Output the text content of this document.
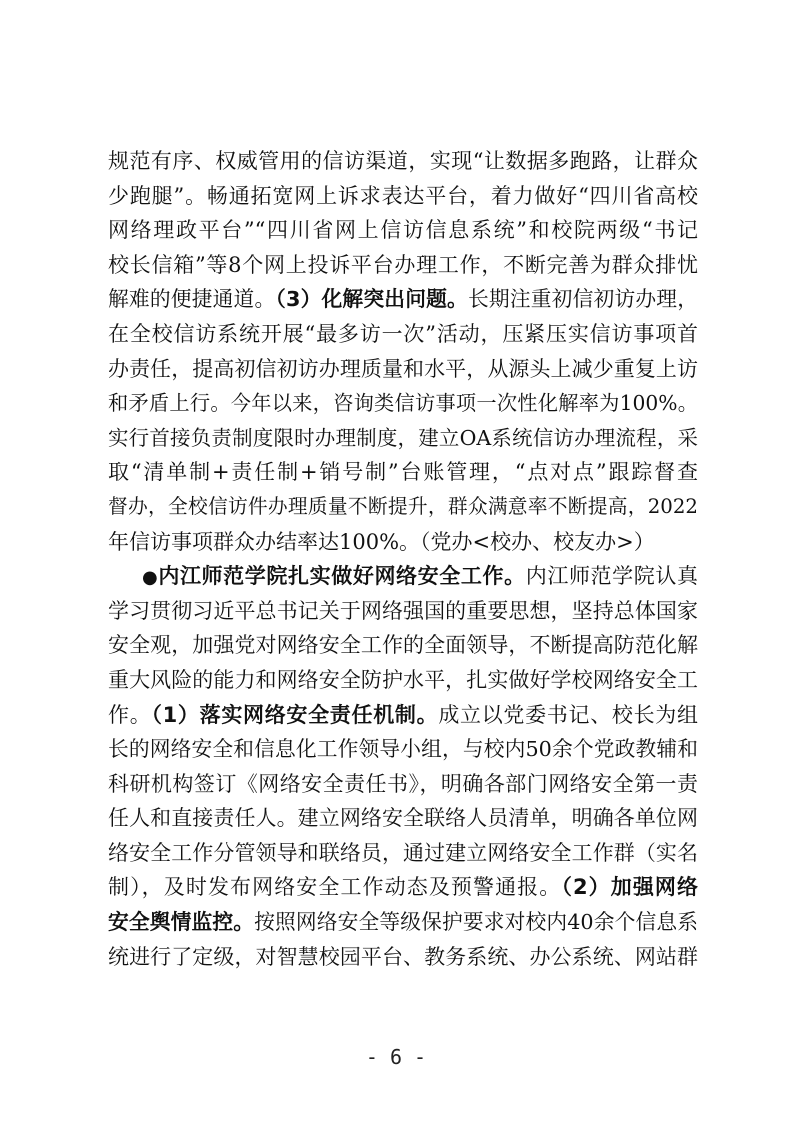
规范有序、权威管用的信访渠道，实现“让数据多跑路，让群众
少跑腿”。畅通拓宽网上诉求表达平台，着力做好“四川省高校
网络理政平台”“四川省网上信访信息系统”和校院两级“书记
校长信箱”等8个网上投诉平台办理工作，不断完善为群众排忧
解难的便捷通道。（3）化解突出问题。长期注重初信初访办理，
在全校信访系统开展“最多访一次”活动，压紧压实信访事项首
办责任，提高初信初访办理质量和水平，从源头上减少重复上访
和矛盾上行。今年以来，咨询类信访事项一次性化解率为100%。
实行首接负责制度限时办理制度，建立OA系统信访办理流程，采
取“清单制+责任制+销号制”台账管理，“点对点”跟踪督查
督办，全校信访件办理质量不断提升，群众满意率不断提高，2022
年信访事项群众办结率达100%。（党办<校办、校友办>）
●内江师范学院扎实做好网络安全工作。内江师范学院认真
学习贯彻习近平总书记关于网络强国的重要思想，坚持总体国家
安全观，加强党对网络安全工作的全面领导，不断提高防范化解
重大风险的能力和网络安全防护水平，扎实做好学校网络安全工
作。（1）落实网络安全责任机制。成立以党委书记、校长为组
长的网络安全和信息化工作领导小组，与校内50余个党政教辅和
科研机构签订《网络安全责任书》，明确各部门网络安全第一责
任人和直接责任人。建立网络安全联络人员清单，明确各单位网
络安全工作分管领导和联络员，通过建立网络安全工作群（实名
制），及时发布网络安全工作动态及预警通报。（2）加强网络
安全舆情监控。按照网络安全等级保护要求对校内40余个信息系
统进行了定级，对智慧校园平台、教务系统、办公系统、网站群
- 6 -
